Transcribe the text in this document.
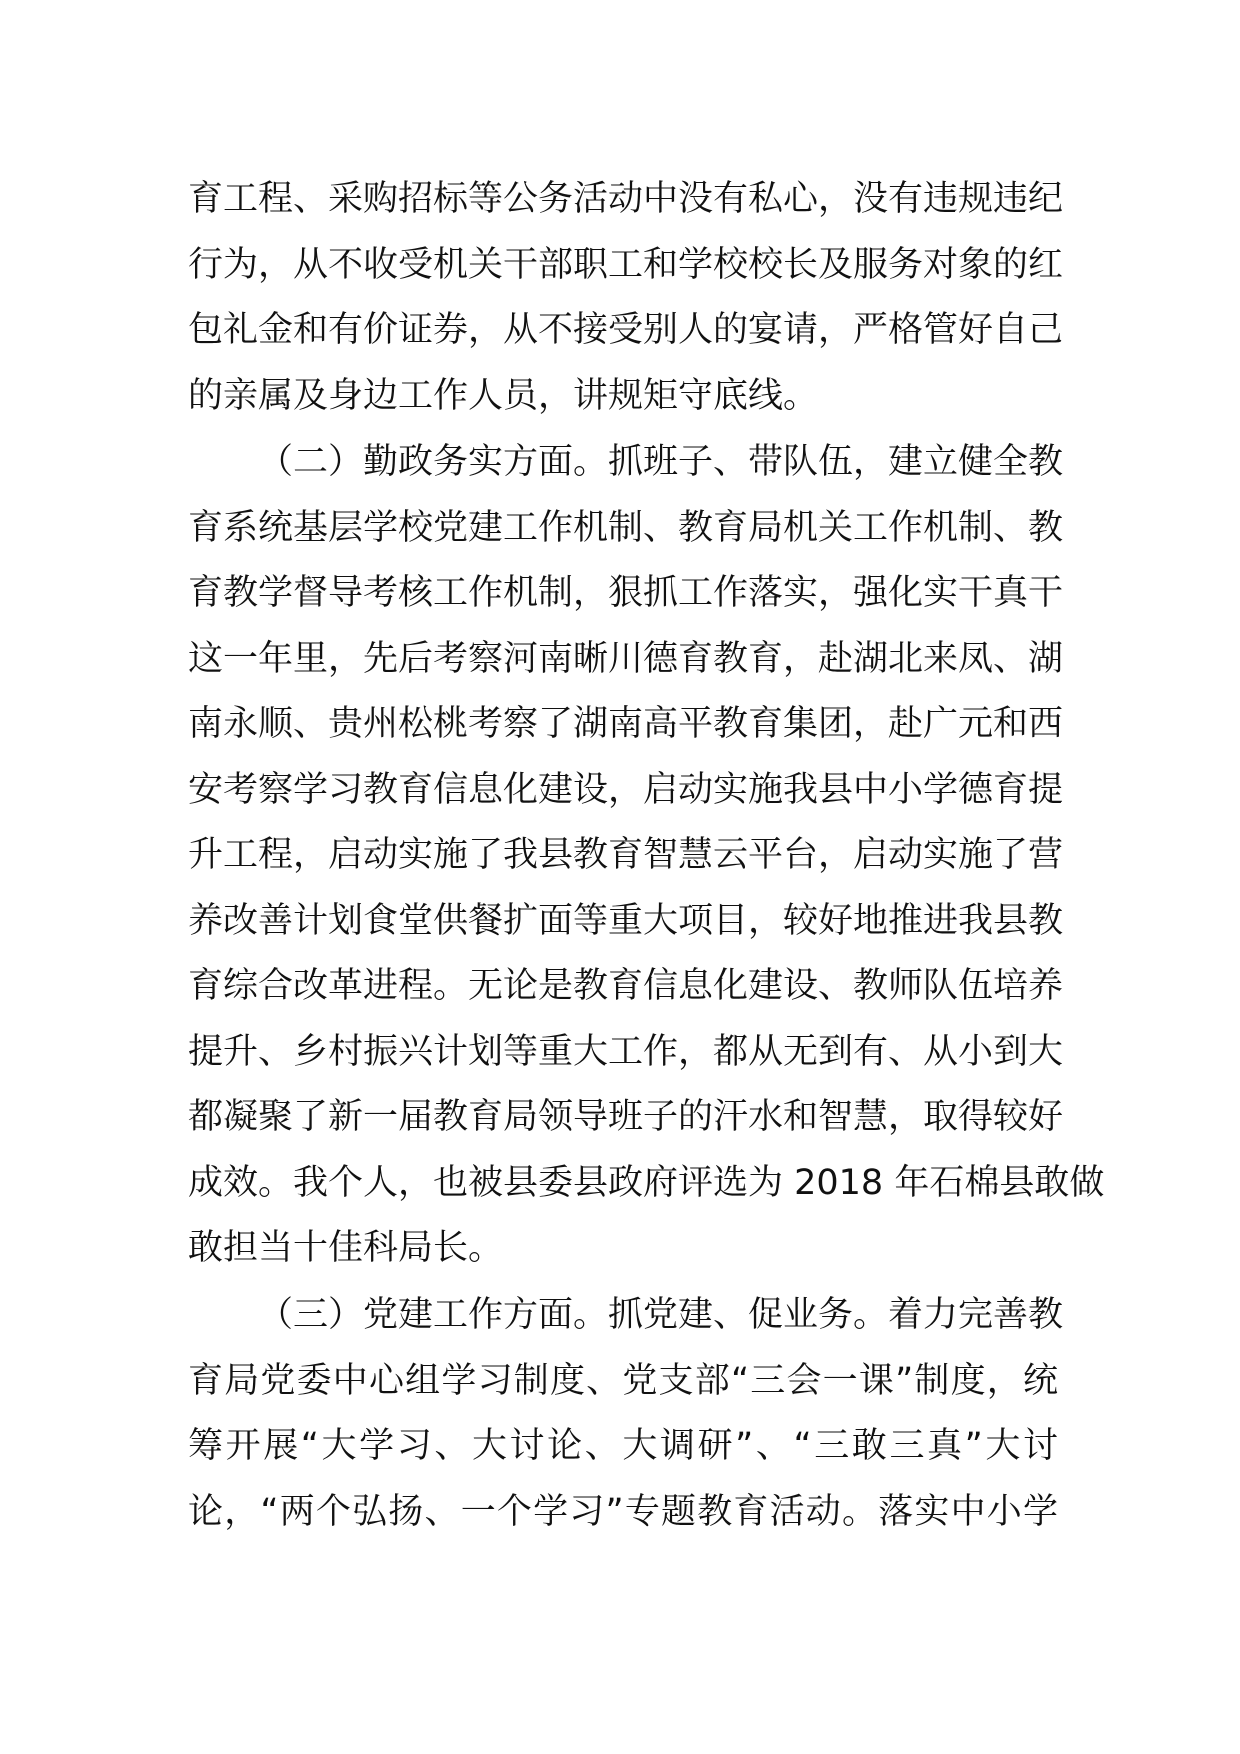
育工程、采购招标等公务活动中没有私心，没有违规违纪
行为，从不收受机关干部职工和学校校长及服务对象的红
包礼金和有价证券，从不接受别人的宴请，严格管好自己
的亲属及身边工作人员，讲规矩守底线。
（二）勤政务实方面。抓班子、带队伍，建立健全教
育系统基层学校党建工作机制、教育局机关工作机制、教
育教学督导考核工作机制，狠抓工作落实，强化实干真干
这一年里，先后考察河南晰川德育教育，赴湖北来凤、湖
南永顺、贵州松桃考察了湖南高平教育集团，赴广元和西
安考察学习教育信息化建设，启动实施我县中小学德育提
升工程，启动实施了我县教育智慧云平台，启动实施了营
养改善计划食堂供餐扩面等重大项目，较好地推进我县教
育综合改革进程。无论是教育信息化建设、教师队伍培养
提升、乡村振兴计划等重大工作，都从无到有、从小到大
都凝聚了新一届教育局领导班子的汗水和智慧，取得较好
成效。我个人，也被县委县政府评选为 2018 年石棉县敢做
敢担当十佳科局长。
（三）党建工作方面。抓党建、促业务。着力完善教
育局党委中心组学习制度、党支部“三会一课”制度，统
筹开展“大学习、大讨论、大调研”、“三敢三真”大讨
论，“两个弘扬、一个学习”专题教育活动。落实中小学
